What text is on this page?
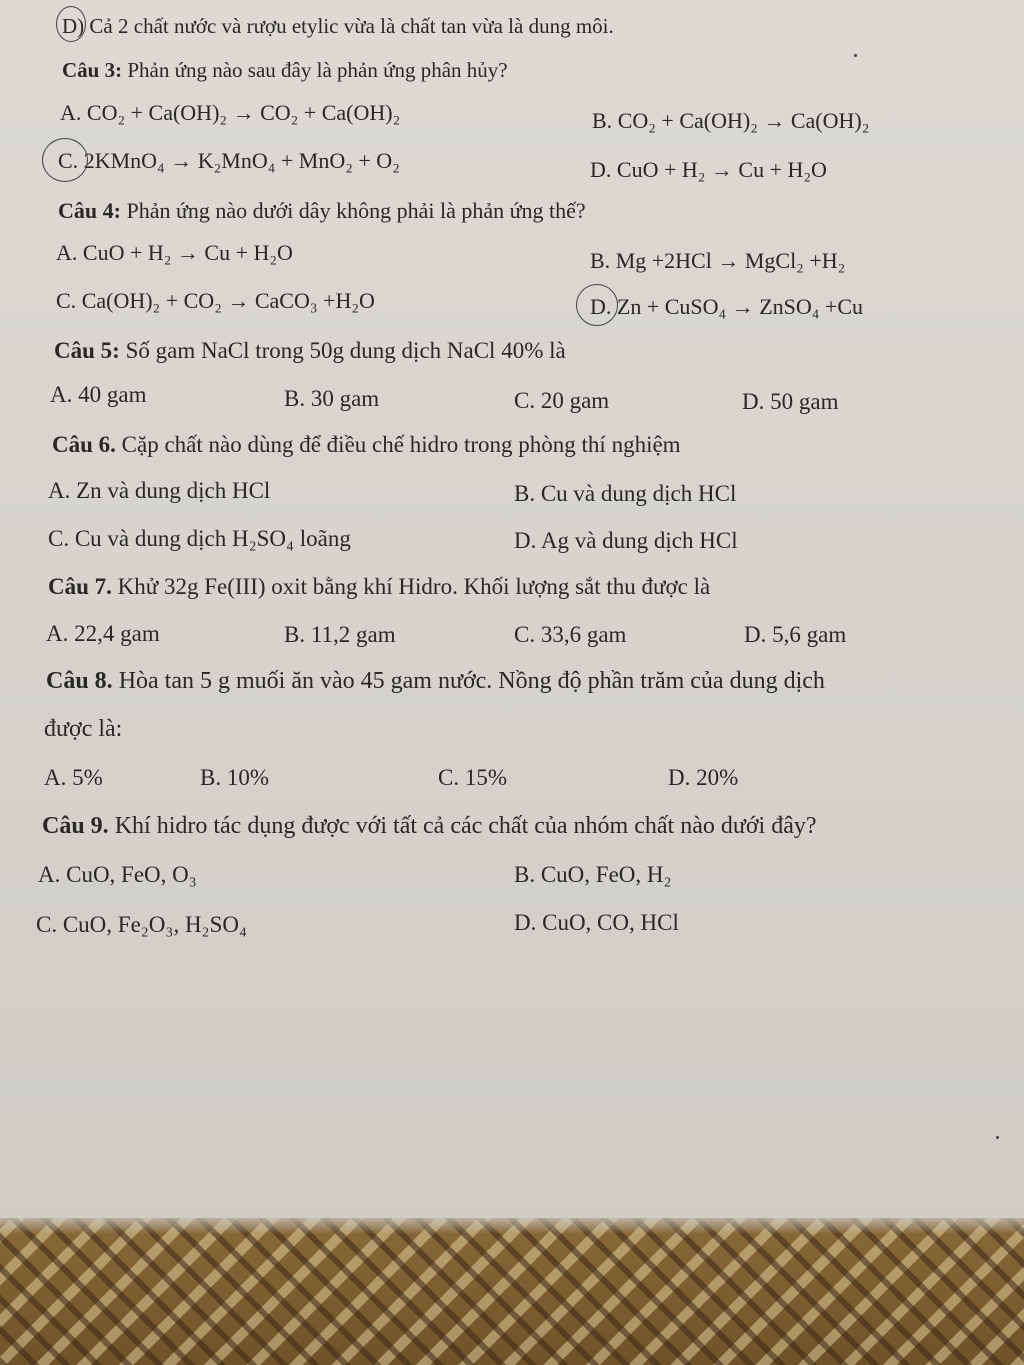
D) Cả 2 chất nước và rượu etylic vừa là chất tan vừa là dung môi.
Câu 3: Phản ứng nào sau đây là phản ứng phân hủy?
A. CO₂ + Ca(OH)₂ → CO₂ + Ca(OH)₂	B. CO₂ + Ca(OH)₂ → Ca(OH)₂
C. 2KMnO₄ → K₂MnO₄ + MnO₂ + O₂	D. CuO + H₂ → Cu + H₂O
Câu 4: Phản ứng nào dưới dây không phải là phản ứng thế?
A. CuO + H₂ → Cu + H₂O	B. Mg +2HCl → MgCl₂ +H₂
C. Ca(OH)₂ + CO₂ → CaCO₃ +H₂O	D. Zn + CuSO₄ → ZnSO₄ +Cu
Câu 5: Số gam NaCl trong 50g dung dịch NaCl 40% là
A. 40 gam	B. 30 gam	C. 20 gam	D. 50 gam
Câu 6. Cặp chất nào dùng để điều chế hidro trong phòng thí nghiệm
A. Zn và dung dịch HCl	B. Cu và dung dịch HCl
C. Cu và dung dịch H₂SO₄ loãng	D. Ag và dung dịch HCl
Câu 7. Khử 32g Fe(III) oxit bằng khí Hidro. Khối lượng sắt thu được là
A. 22,4 gam	B. 11,2 gam	C. 33,6 gam	D. 5,6 gam
Câu 8. Hòa tan 5 g muối ăn vào 45 gam nước. Nồng độ phần trăm của dung dịch
được là:
A. 5%	B. 10%	C. 15%	D. 20%
Câu 9. Khí hidro tác dụng được với tất cả các chất của nhóm chất nào dưới đây?
A. CuO, FeO, O₃	B. CuO, FeO, H₂
C. CuO, Fe₂O₃, H₂SO₄	D. CuO, CO, HCl
